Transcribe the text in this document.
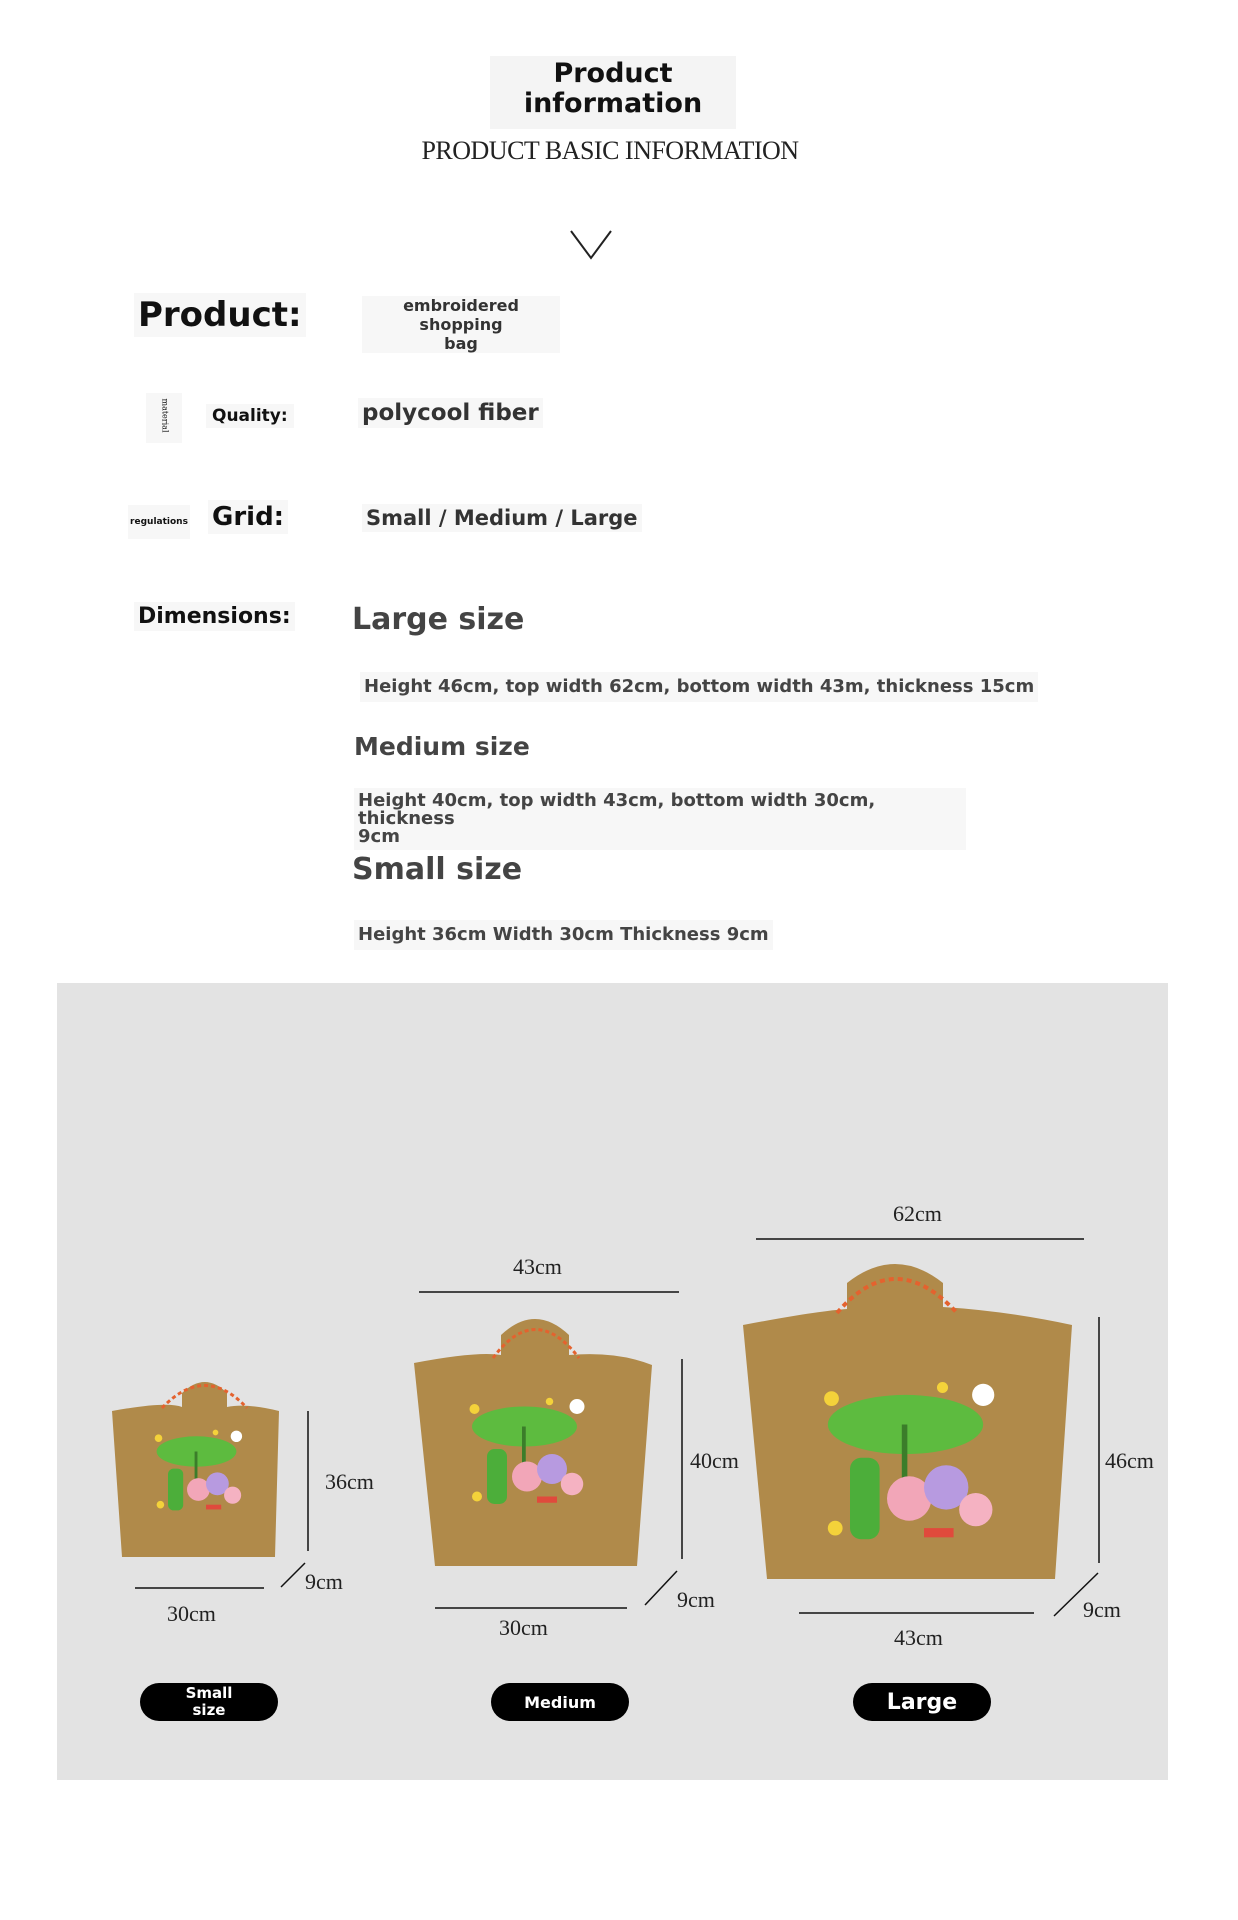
Product
information
PRODUCT BASIC INFORMATION
Product:	embroidered shopping
bag
material	Quality:	polycool fiber
regulations Grid:	Small / Medium / Large
Dimensions: Large size
Height 46cm, top width 62cm, bottom width 43m, thickness 15cm
Medium size
Height 40cm, top width 43cm, bottom width 30cm, thickness
9cm
Small size
Height 36cm Width 30cm Thickness 9cm
36cm
9cm
30cm
43cm
40cm
9cm
30cm
62cm
46cm
9cm
43cm
Small
size	Medium	Large
